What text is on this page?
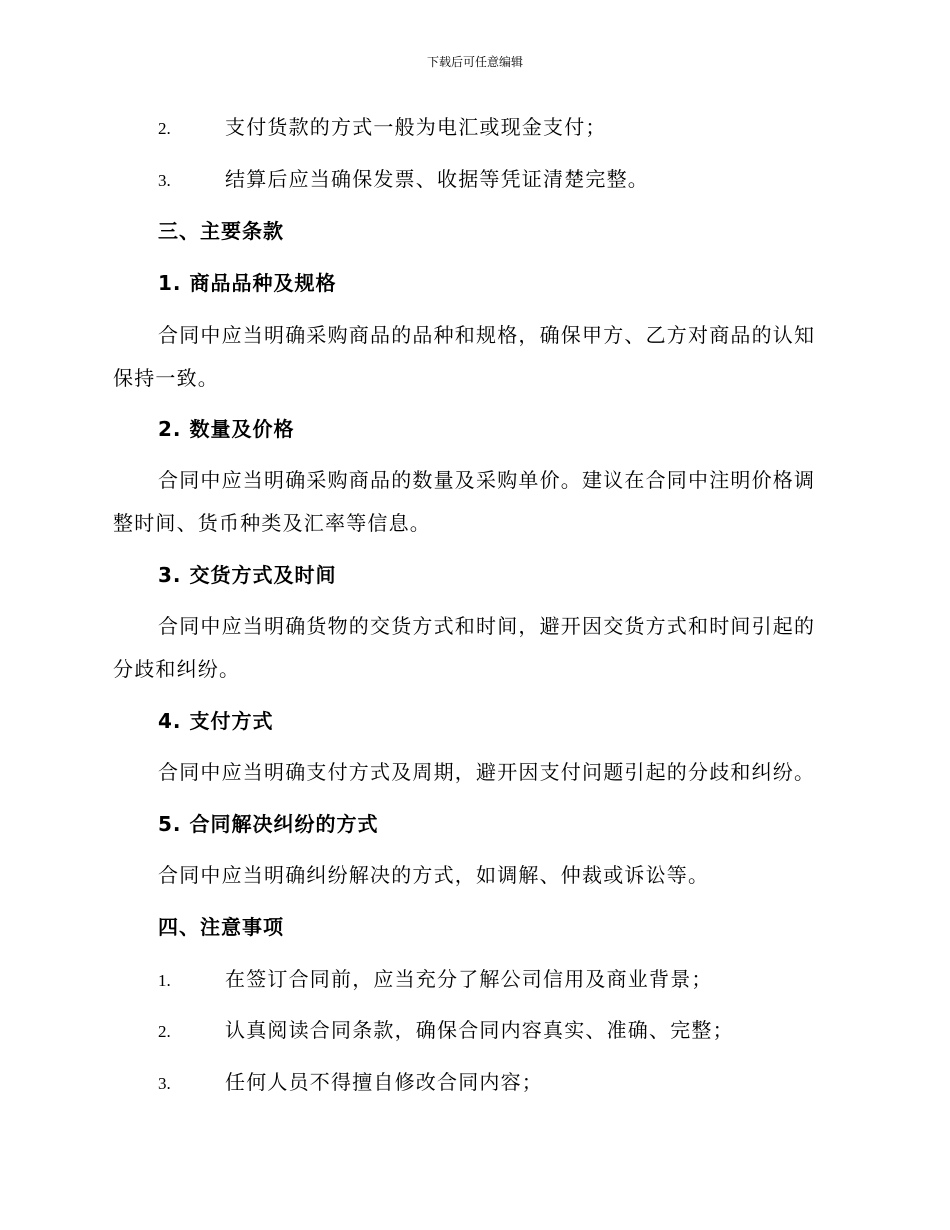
下载后可任意编辑
2.	支付货款的方式一般为电汇或现金支付；
3.	结算后应当确保发票、收据等凭证清楚完整。
三、主要条款
1. 商品品种及规格
合同中应当明确采购商品的品种和规格，确保甲方、乙方对商品的认知
保持一致。
2. 数量及价格
合同中应当明确采购商品的数量及采购单价。建议在合同中注明价格调
整时间、货币种类及汇率等信息。
3. 交货方式及时间
合同中应当明确货物的交货方式和时间，避开因交货方式和时间引起的
分歧和纠纷。
4. 支付方式
合同中应当明确支付方式及周期，避开因支付问题引起的分歧和纠纷。
5. 合同解决纠纷的方式
合同中应当明确纠纷解决的方式，如调解、仲裁或诉讼等。
四、注意事项
1.	在签订合同前，应当充分了解公司信用及商业背景；
2.	认真阅读合同条款，确保合同内容真实、准确、完整；
3.	任何人员不得擅自修改合同内容；
